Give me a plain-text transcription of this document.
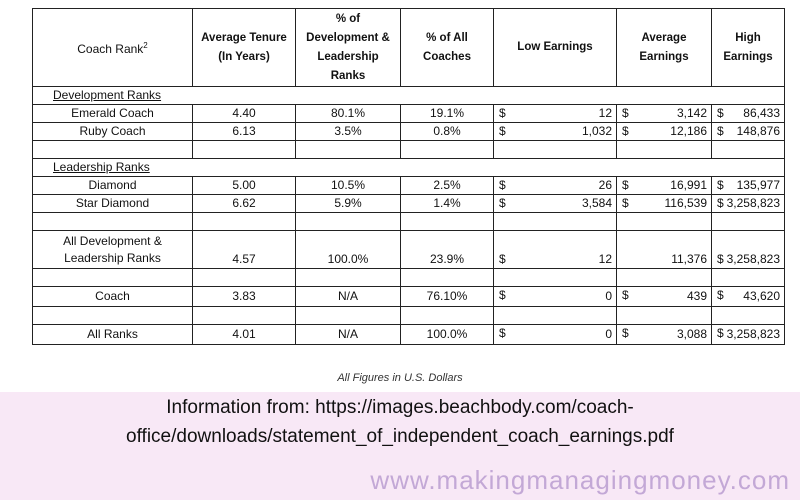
Coach Rank$^2$	Average Tenure (In Years)	% of Development & Leadership Ranks	% of All Coaches	Low Earnings	Average Earnings	High Earnings
Development Ranks						
Emerald Coach	4.40	80.1%	19.1%	$ 12	$ 3,142	$ 86,433

Ruby Coach	6.13	3.5%	0.8%	$ 1,032	$ 12,186	$ 148,876

Leadership Ranks						
Diamond	5.00	10.5%	2.5%	$ 26	$ 16,991	$ 135,977

Star Diamond	6.62	5.9%	1.4%	$ 3,584	$ 116,539	$ 3,258,823

All Development &
Leadership Ranks	4.57	100.0%	23.9%	$ 12	11,376	$ 3,258,823

Coach	3.83	N/A	76.10%	$ 0	$ 439	$ 43,620

All Ranks	4.01	N/A	100.0%	$ 0	$ 3,088	$ 3,258,823
All Figures in U.S. Dollars
Information from: https://images.beachbody.com/coach-
office/downloads/statement_of_independent_coach_earnings.pdf
www.makingmanagingmoney.com
